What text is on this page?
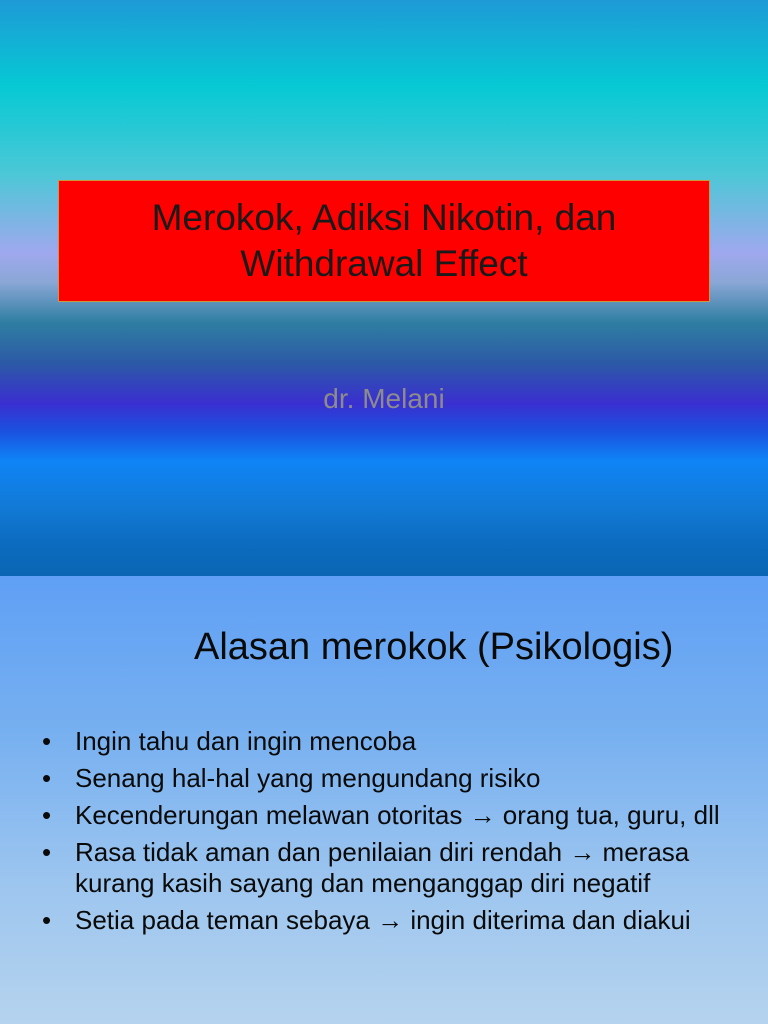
Merokok, Adiksi Nikotin, dan Withdrawal Effect
dr. Melani
Alasan merokok (Psikologis)
• Ingin tahu dan ingin mencoba
• Senang hal-hal yang mengundang risiko
• Kecenderungan melawan otoritas → orang tua, guru, dll
• Rasa tidak aman dan penilaian diri rendah → merasa kurang kasih sayang dan menganggap diri negatif
• Setia pada teman sebaya → ingin diterima dan diakui
